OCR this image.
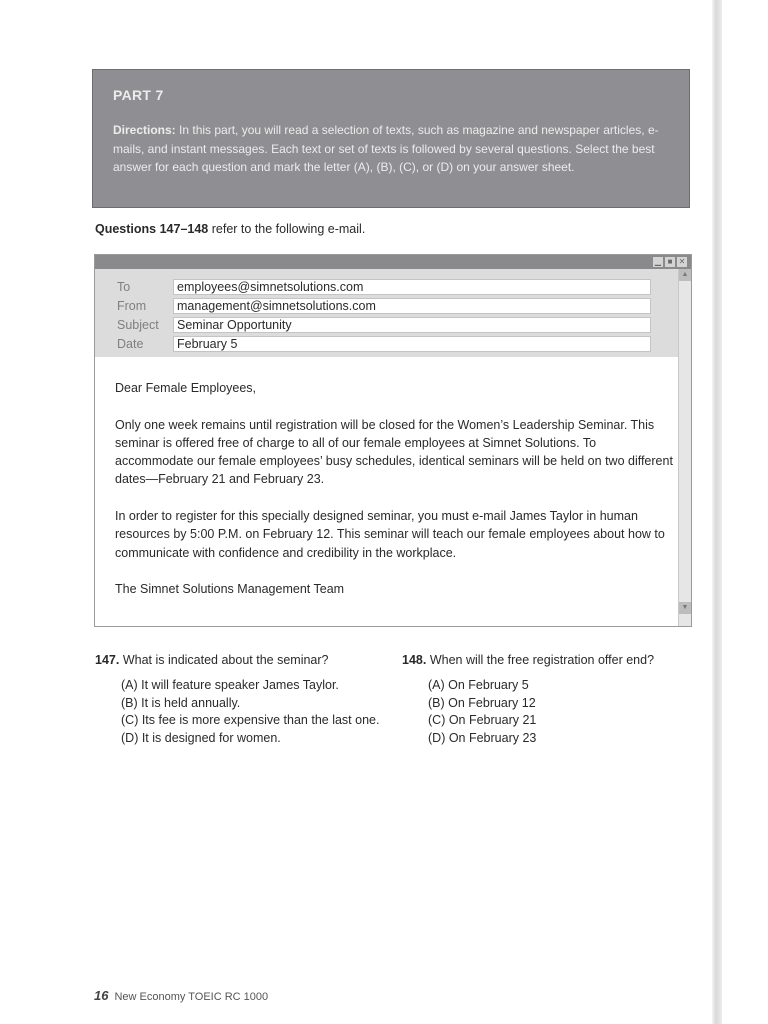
PART 7
Directions: In this part, you will read a selection of texts, such as magazine and newspaper articles, e-mails, and instant messages. Each text or set of texts is followed by several questions. Select the best answer for each question and mark the letter (A), (B), (C), or (D) on your answer sheet.
Questions 147–148 refer to the following e-mail.
▁ ■ ✕
To	employees@simnetsolutions.com
From	management@simnetsolutions.com
Subject	Seminar Opportunity
Date	February 5
▲
▼

Dear Female Employees,

Only one week remains until registration will be closed for the Women’s Leadership Seminar. This seminar is offered free of charge to all of our female employees at Simnet Solutions. To accommodate our female employees’ busy schedules, identical seminars will be held on two different dates—February 21 and February 23.

In order to register for this specially designed seminar, you must e-mail James Taylor in human resources by 5:00 P.M. on February 12. This seminar will teach our female employees about how to communicate with confidence and credibility in the workplace.

The Simnet Solutions Management Team

147. What is indicated about the seminar?
(A) It will feature speaker James Taylor.
(B) It is held annually.
(C) Its fee is more expensive than the last one.
(D) It is designed for women.
148. When will the free registration offer end?
(A) On February 5
(B) On February 12
(C) On February 21
(D) On February 23
16 New Economy TOEIC RC 1000
